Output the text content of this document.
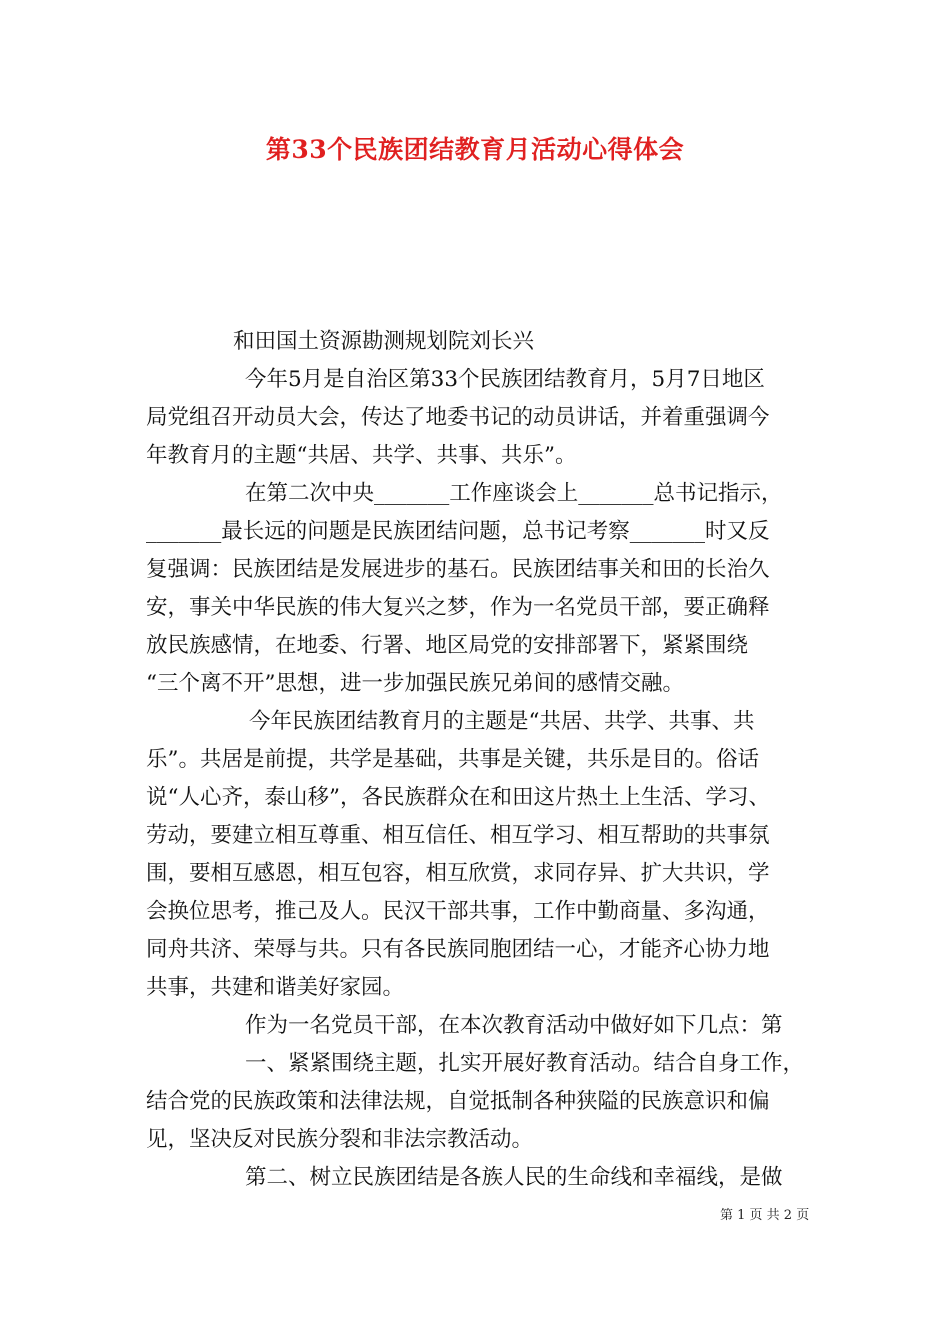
第33个民族团结教育月活动心得体会
和田国土资源勘测规划院刘长兴
今年5月是自治区第33个民族团结教育月，5月7日地区
局党组召开动员大会，传达了地委书记的动员讲话，并着重强调今
年教育月的主题“共居、共学、共事、共乐”。
在第二次中央_______工作座谈会上_______总书记指示，
_______最长远的问题是民族团结问题，总书记考察_______时又反
复强调：民族团结是发展进步的基石。民族团结事关和田的长治久
安，事关中华民族的伟大复兴之梦，作为一名党员干部，要正确释
放民族感情，在地委、行署、地区局党的安排部署下，紧紧围绕
“三个离不开”思想，进一步加强民族兄弟间的感情交融。
今年民族团结教育月的主题是“共居、共学、共事、共
乐”。共居是前提，共学是基础，共事是关键，共乐是目的。俗话
说“人心齐，泰山移”，各民族群众在和田这片热土上生活、学习、
劳动，要建立相互尊重、相互信任、相互学习、相互帮助的共事氛
围，要相互感恩，相互包容，相互欣赏，求同存异、扩大共识，学
会换位思考，推己及人。民汉干部共事，工作中勤商量、多沟通，
同舟共济、荣辱与共。只有各民族同胞团结一心，才能齐心协力地
共事，共建和谐美好家园。
作为一名党员干部，在本次教育活动中做好如下几点：第
一、紧紧围绕主题，扎实开展好教育活动。结合自身工作，
结合党的民族政策和法律法规，自觉抵制各种狭隘的民族意识和偏
见，坚决反对民族分裂和非法宗教活动。
第二、树立民族团结是各族人民的生命线和幸福线，是做
第 1 页 共 2 页
